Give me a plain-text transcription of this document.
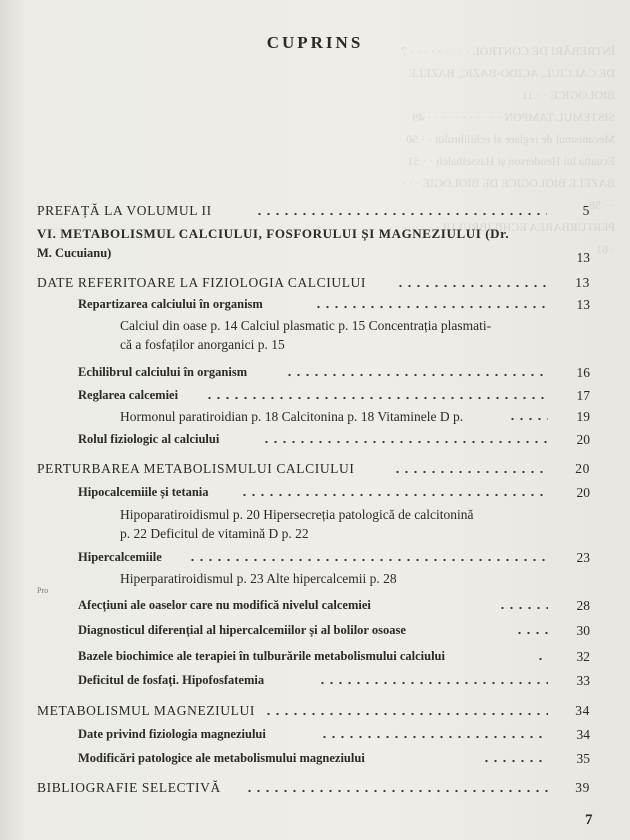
ÎNTREBĂRI DE CONTROL · · · · · · · · · 7
DE CALCIUL, ACIDO-BAZIC, BAZELE BIOLOGICE · · 11
SISTEMUL TAMPON · · · · · · · · · · · 49
Mecanismul de reglare al echilibrului · · 50
Ecuația lui Henderson și Hasselbalch · · 51
BAZELE BIOLOGICE DE BIOLOGIE · · · · · 58
PERTURBAREA ECHILIBRULUI · · · · · · · 61
CUPRINS
PREFAȚĂ LA VOLUMUL II	5
VI. METABOLISMUL CALCIULUI, FOSFORULUI ȘI MAGNEZIULUI (Dr.
M. Cucuianu)	13
DATE REFERITOARE LA FIZIOLOGIA CALCIULUI	13
Repartizarea calciului în organism	13
Calciul din oase p. 14 Calciul plasmatic p. 15 Concentrația plasmati-
că a fosfaților anorganici p. 15
Echilibrul calciului în organism	16
Reglarea calcemiei	17
Hormonul paratiroidian p. 18 Calcitonina p. 18 Vitaminele D p.	19
Rolul fiziologic al calciului	20
PERTURBAREA METABOLISMULUI CALCIULUI	20
Hipocalcemiile și tetania	20
Hipoparatiroidismul p. 20 Hipersecreția patologică de calcitonină
p. 22 Deficitul de vitamină D p. 22
Hipercalcemiile	23
Hiperparatiroidismul p. 23 Alte hipercalcemii p. 28
Pro
Afecțiuni ale oaselor care nu modifică nivelul calcemiei	28
Diagnosticul diferențial al hipercalcemiilor și al bolilor osoase	30
Bazele biochimice ale terapiei în tulburările metabolismului calciului	32
Deficitul de fosfați. Hipofosfatemia	33
METABOLISMUL MAGNEZIULUI	34
Date privind fiziologia magneziului	34
Modificări patologice ale metabolismului magneziului	35
BIBLIOGRAFIE SELECTIVĂ	39
7
